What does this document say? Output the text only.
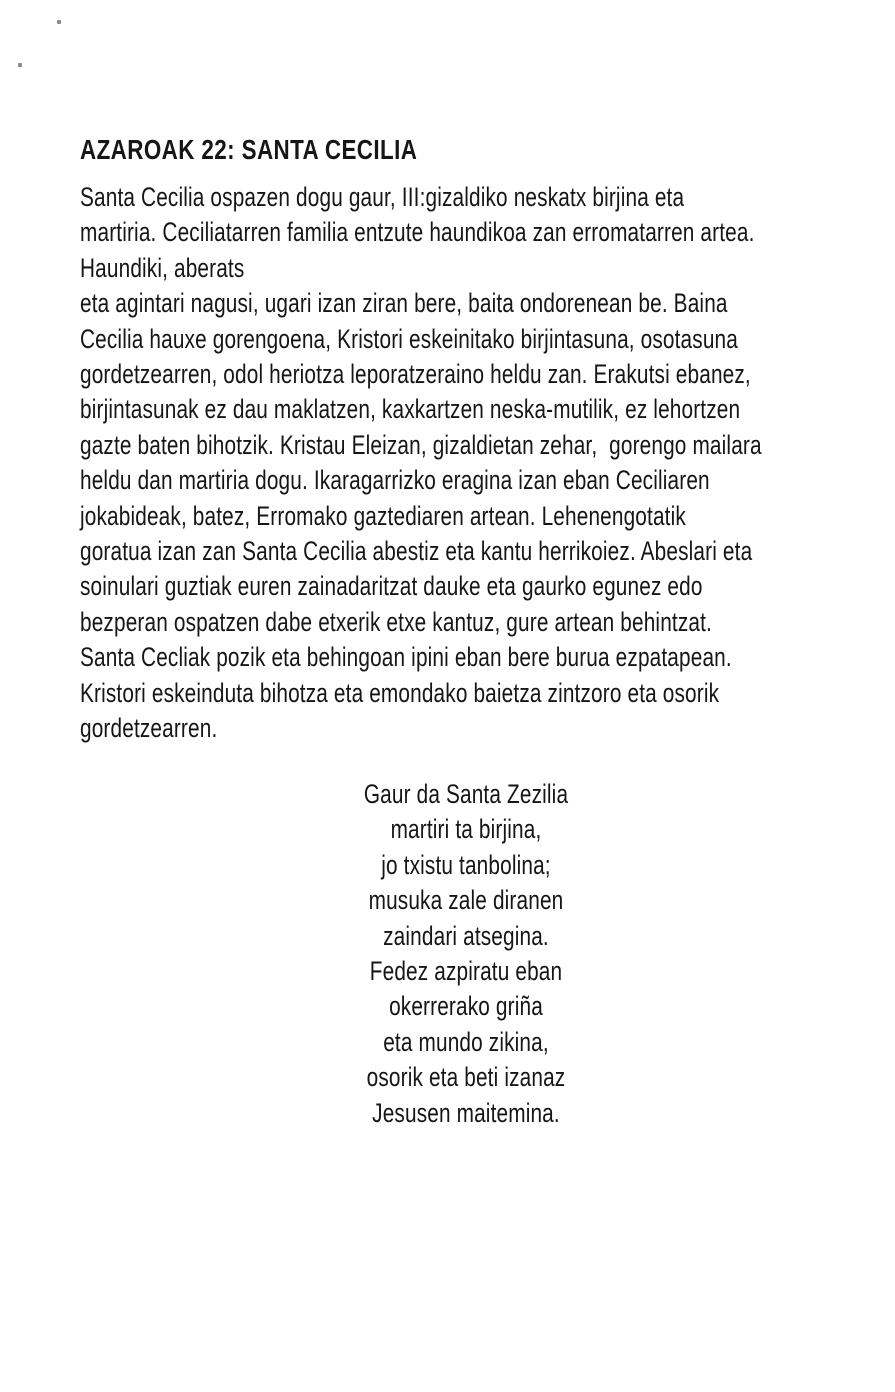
AZAROAK 22: SANTA CECILIA
Santa Cecilia ospazen dogu gaur, III:gizaldiko neskatx birjina eta
martiria. Ceciliatarren familia entzute haundikoa zan erromatarren artea.
Haundiki, aberats
eta agintari nagusi, ugari izan ziran bere, baita ondorenean be. Baina
Cecilia hauxe gorengoena, Kristori eskeinitako birjintasuna, osotasuna
gordetzearren, odol heriotza leporatzeraino heldu zan. Erakutsi ebanez,
birjintasunak ez dau maklatzen, kaxkartzen neska-mutilik, ez lehortzen
gazte baten bihotzik. Kristau Eleizan, gizaldietan zehar,  gorengo mailara
heldu dan martiria dogu. Ikaragarrizko eragina izan eban Ceciliaren
jokabideak, batez, Erromako gaztediaren artean. Lehenengotatik
goratua izan zan Santa Cecilia abestiz eta kantu herrikoiez. Abeslari eta
soinulari guztiak euren zainadaritzat dauke eta gaurko egunez edo
bezperan ospatzen dabe etxerik etxe kantuz, gure artean behintzat.
Santa Cecliak pozik eta behingoan ipini eban bere burua ezpatapean.
Kristori eskeinduta bihotza eta emondako baietza zintzoro eta osorik
gordetzearren.
Gaur da Santa Zezilia
martiri ta birjina,
jo txistu tanbolina;
musuka zale diranen
zaindari atsegina.
Fedez azpiratu eban
okerrerako griña
eta mundo zikina,
osorik eta beti izanaz
Jesusen maitemina.
